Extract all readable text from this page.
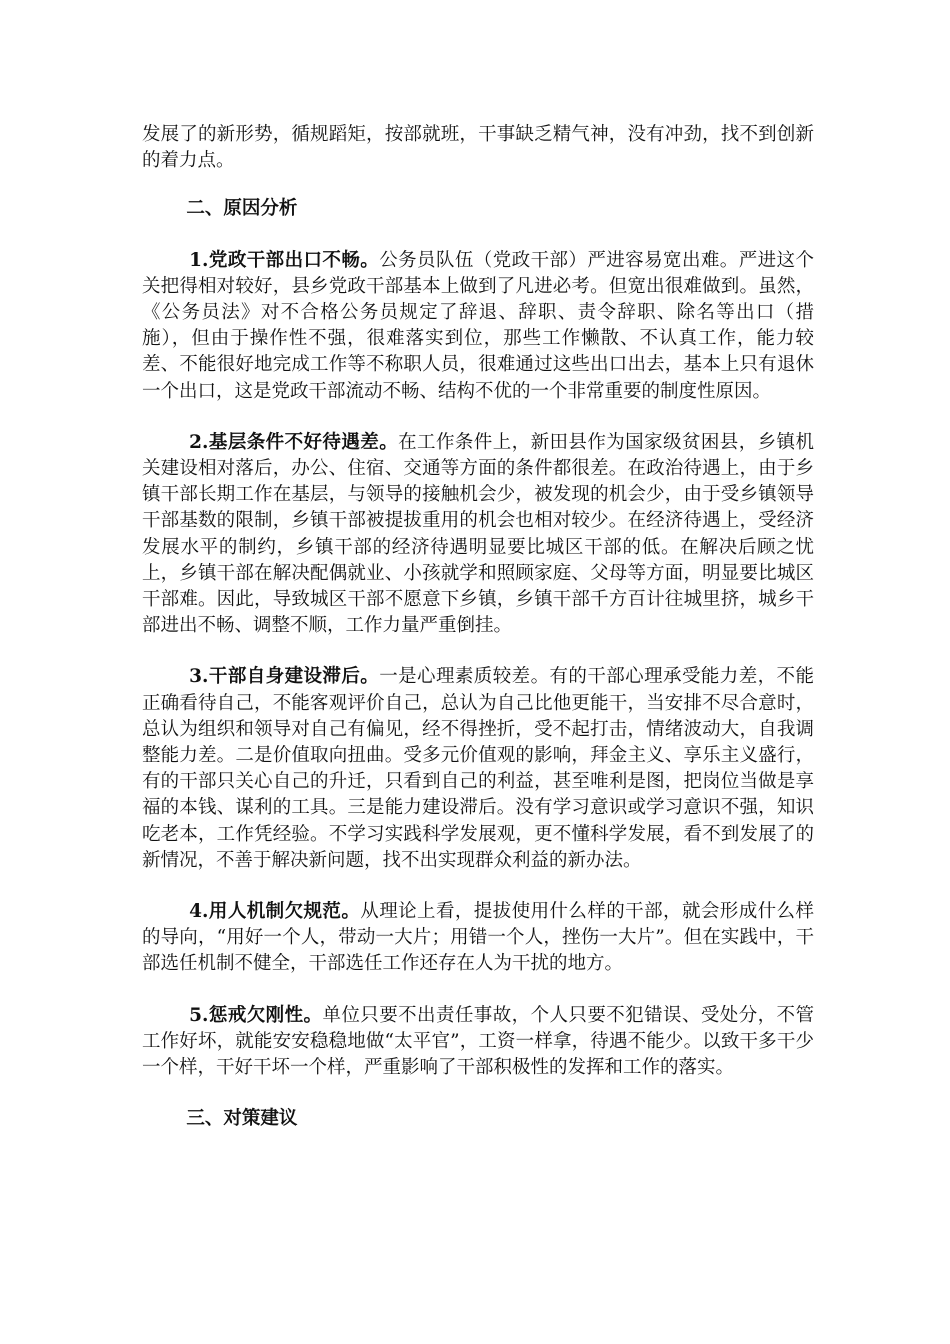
发展了的新形势，循规蹈矩，按部就班，干事缺乏精气神，没有冲劲，找不到创新的着力点。

二、原因分析

1.党政干部出口不畅。公务员队伍（党政干部）严进容易宽出难。严进这个关把得相对较好，县乡党政干部基本上做到了凡进必考。但宽出很难做到。虽然，《公务员法》对不合格公务员规定了辞退、辞职、责令辞职、除名等出口（措施），但由于操作性不强，很难落实到位，那些工作懒散、不认真工作，能力较差、不能很好地完成工作等不称职人员，很难通过这些出口出去，基本上只有退休一个出口，这是党政干部流动不畅、结构不优的一个非常重要的制度性原因。

2.基层条件不好待遇差。在工作条件上，新田县作为国家级贫困县，乡镇机关建设相对落后，办公、住宿、交通等方面的条件都很差。在政治待遇上，由于乡镇干部长期工作在基层，与领导的接触机会少，被发现的机会少，由于受乡镇领导干部基数的限制，乡镇干部被提拔重用的机会也相对较少。在经济待遇上，受经济发展水平的制约，乡镇干部的经济待遇明显要比城区干部的低。在解决后顾之忧上，乡镇干部在解决配偶就业、小孩就学和照顾家庭、父母等方面，明显要比城区干部难。因此，导致城区干部不愿意下乡镇，乡镇干部千方百计往城里挤，城乡干部进出不畅、调整不顺，工作力量严重倒挂。

3.干部自身建设滞后。一是心理素质较差。有的干部心理承受能力差，不能正确看待自己，不能客观评价自己，总认为自己比他更能干，当安排不尽合意时，总认为组织和领导对自己有偏见，经不得挫折，受不起打击，情绪波动大，自我调整能力差。二是价值取向扭曲。受多元价值观的影响，拜金主义、享乐主义盛行，有的干部只关心自己的升迁，只看到自己的利益，甚至唯利是图，把岗位当做是享福的本钱、谋利的工具。三是能力建设滞后。没有学习意识或学习意识不强，知识吃老本，工作凭经验。不学习实践科学发展观，更不懂科学发展，看不到发展了的新情况，不善于解决新问题，找不出实现群众利益的新办法。

4.用人机制欠规范。从理论上看，提拔使用什么样的干部，就会形成什么样的导向，“用好一个人，带动一大片；用错一个人，挫伤一大片”。但在实践中，干部选任机制不健全，干部选任工作还存在人为干扰的地方。

5.惩戒欠刚性。单位只要不出责任事故，个人只要不犯错误、受处分，不管工作好坏，就能安安稳稳地做“太平官”，工资一样拿，待遇不能少。以致干多干少一个样，干好干坏一个样，严重影响了干部积极性的发挥和工作的落实。

三、对策建议
